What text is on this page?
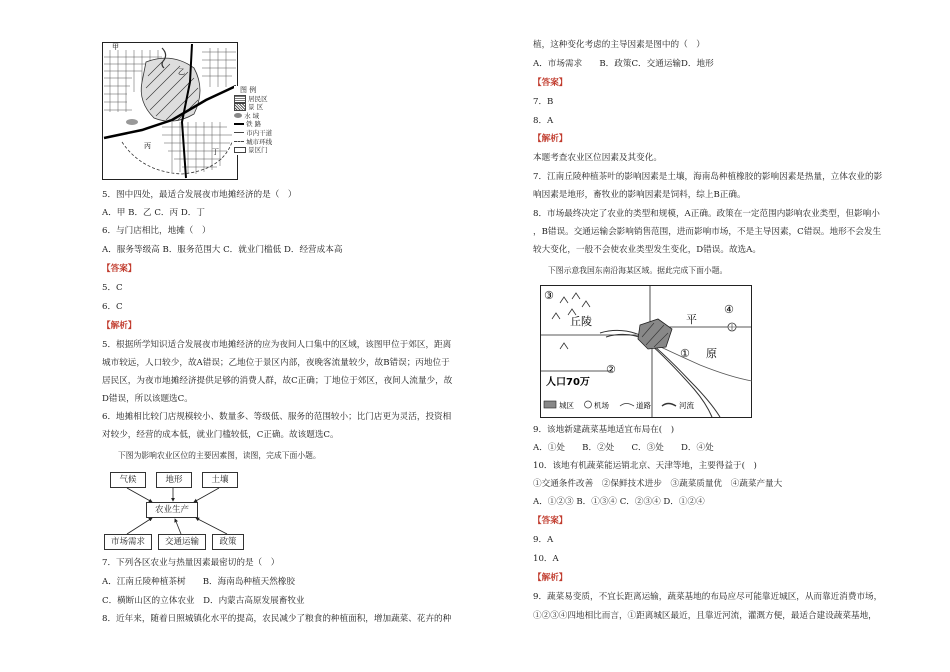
甲
乙
丙
丁
图 例
居民区
景 区
水 域
铁 路
市内干道
城市环线
景区门
5．图中四处，最适合发展夜市地摊经济的是（　）
A．甲 B．乙 C．丙 D．丁
6．与门店相比，地摊（　）
A．服务等级高 B．服务范围大 C．就业门槛低 D．经营成本高
【答案】
5．C
6．C
【解析】
5．根据所学知识适合发展夜市地摊经济的应为夜间人口集中的区域，该图甲位于郊区，距离
城市较远，人口较少，故A错误；乙地位于景区内部，夜晚客流量较少，故B错误；丙地位于
居民区，为夜市地摊经济提供足够的消费人群，故C正确；丁地位于郊区，夜间人流量少，故
D错误，所以该题选C。
6．地摊相比较门店规模较小、数量多、等级低、服务的范围较小；比门店更为灵活，投资相
对较少，经营的成本低，就业门槛较低，C正确。故该题选C。
下图为影响农业区位的主要因素图，读图，完成下面小题。
气候	地形	土壤
农业生产
市场需求	交通运输	政策
7．下列各区农业与热量因素最密切的是（　）
A．江南丘陵种植茶树　　B．海南岛种植天然橡胶
C．横断山区的立体农业　D．内蒙古高原发展畜牧业
8．近年来，随着日照城镇化水平的提高，农民减少了粮食的种植面积，增加蔬菜、花卉的种
植，这种变化考虑的主导因素是图中的（　）
A．市场需求　　B．政策C．交通运输D．地形
【答案】
7．B
8．A
【解析】
本题考查农业区位因素及其变化。
7．江南丘陵种植茶叶的影响因素是土壤，海南岛种植橡胶的影响因素是热量，立体农业的影
响因素是地形，畜牧业的影响因素是饲料，综上B正确。
8．市场最终决定了农业的类型和规模，A正确。政策在一定范围内影响农业类型，但影响小
，B错误。交通运输会影响销售范围，进而影响市场，不是主导因素，C错误。地形不会发生
较大变化，一般不会使农业类型发生变化，D错误。故选A。
下图示意我国东南沿海某区域。据此完成下面小题。
③
丘陵	平
④
① 原
②
人口70万
城区	机场	道路	河流
9．该地新建蔬菜基地适宜布局在(　)
A．①处　　B．②处　　C．③处　　D．④处
10．该地有机蔬菜能运销北京、天津等地，主要得益于(　)
①交通条件改善　②保鲜技术进步　③蔬菜质量优　④蔬菜产量大
A．①②③ B．①③④ C．②③④ D．①②④
【答案】
9．A
10．A
【解析】
9．蔬菜易变质，不宜长距离运输，蔬菜基地的布局应尽可能靠近城区，从而靠近消费市场，
①②③④四地相比而言，①距离城区最近，且靠近河流，灌溉方便，最适合建设蔬菜基地，
